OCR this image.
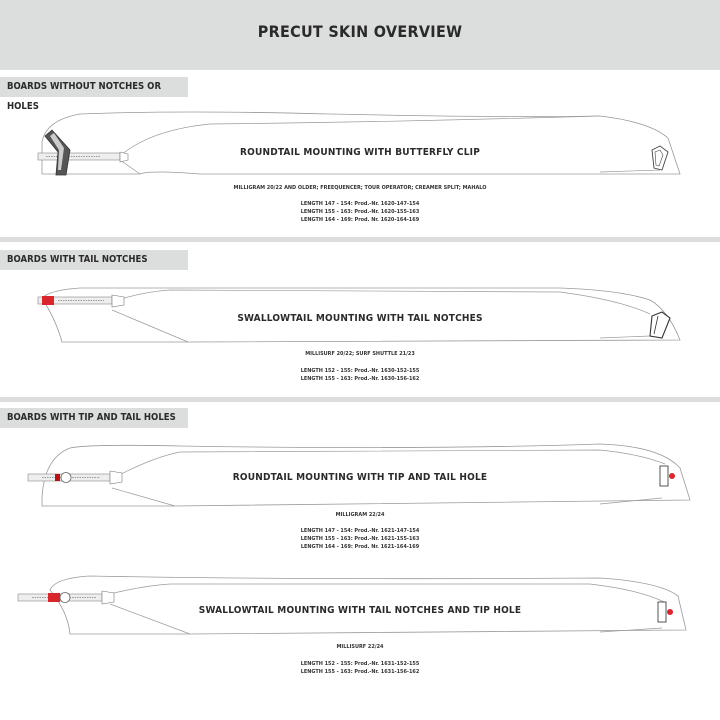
PRECUT SKIN OVERVIEW
BOARDS WITHOUT NOTCHES OR HOLES
ROUNDTAIL MOUNTING WITH BUTTERFLY CLIP
MILLIGRAM 20/22 AND OLDER; FREEQUENCER; TOUR OPERATOR; CREAMER SPLIT; MAHALO
LENGTH 147 - 154: Prod.-Nr. 1620-147-154
LENGTH 155 - 163: Prod.-Nr. 1620-155-163
LENGTH 164 - 169: Prod. Nr. 1620-164-169
BOARDS WITH TAIL NOTCHES
SWALLOWTAIL MOUNTING WITH TAIL NOTCHES
MILLISURF 20/22; SURF SHUTTLE 21/23
LENGTH 152 - 155: Prod.-Nr. 1630-152-155
LENGTH 155 - 163: Prod.-Nr. 1630-156-162
BOARDS WITH TIP AND TAIL HOLES
ROUNDTAIL MOUNTING WITH TIP AND TAIL HOLE
MILLIGRAM 22/24
LENGTH 147 - 154: Prod.-Nr. 1621-147-154
LENGTH 155 - 163: Prod.-Nr. 1621-155-163
LENGTH 164 - 169: Prod. Nr. 1621-164-169
SWALLOWTAIL MOUNTING WITH TAIL NOTCHES AND TIP HOLE
MILLISURF 22/24
LENGTH 152 - 155: Prod.-Nr. 1631-152-155
LENGTH 155 - 163: Prod.-Nr. 1631-156-162
